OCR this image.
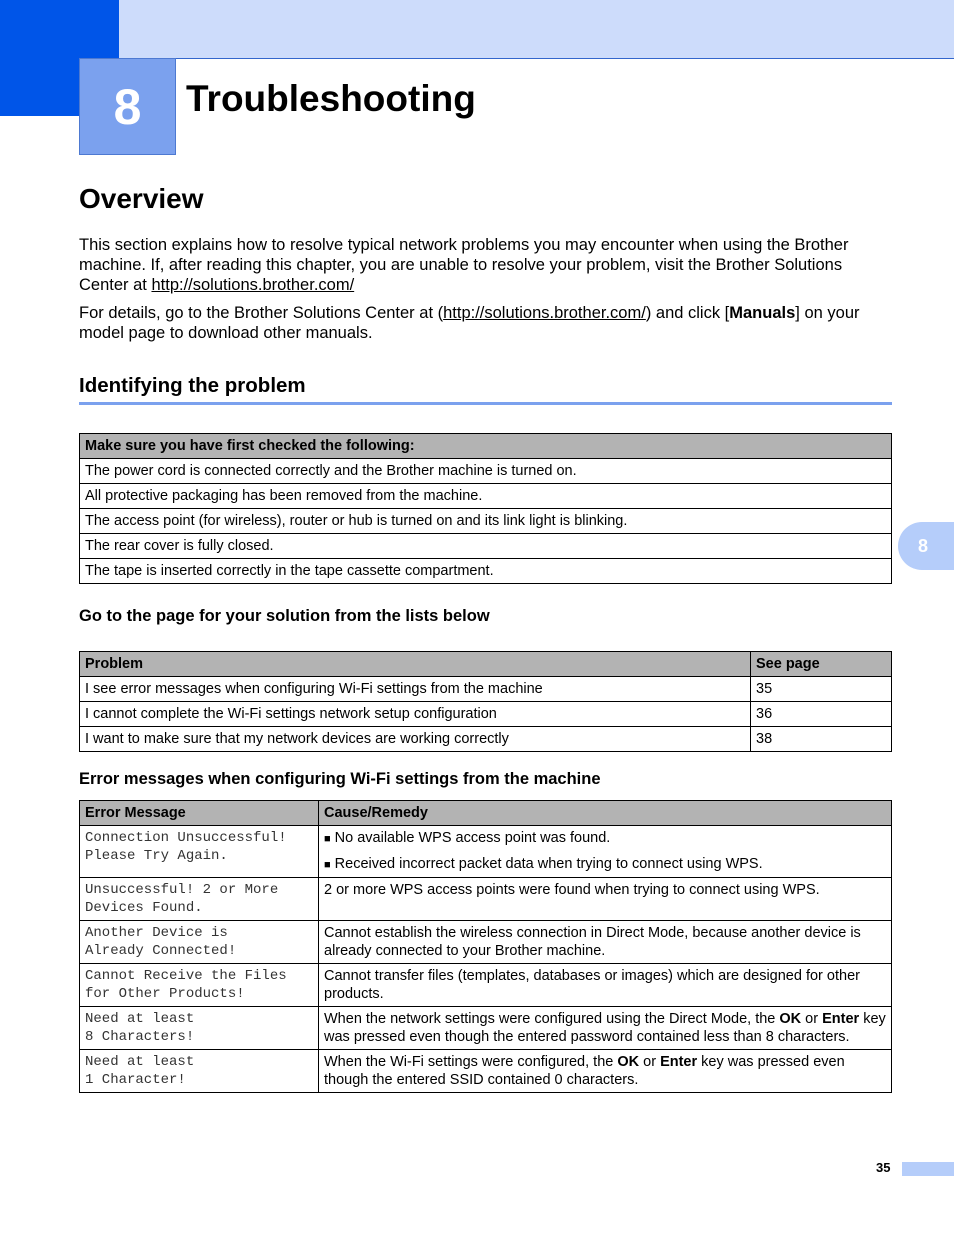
8 Troubleshooting
Overview

This section explains how to resolve typical network problems you may encounter when using the Brother machine. If, after reading this chapter, you are unable to resolve your problem, visit the Brother Solutions Center at http://solutions.brother.com/

For details, go to the Brother Solutions Center at (http://solutions.brother.com/) and click [Manuals] on your model page to download other manuals.

Identifying the problem
Make sure you have first checked the following:
The power cord is connected correctly and the Brother machine is turned on.
All protective packaging has been removed from the machine.
The access point (for wireless), router or hub is turned on and its link light is blinking.
The rear cover is fully closed.
The tape is inserted correctly in the tape cassette compartment.
8
Go to the page for your solution from the lists below
Problem	See page
I see error messages when configuring Wi-Fi settings from the machine	35
I cannot complete the Wi-Fi settings network setup configuration	36
I want to make sure that my network devices are working correctly	38
Error messages when configuring Wi-Fi settings from the machine
Error Message	Cause/Remedy
Connection Unsuccessful!
Please Try Again.	■ No available WPS access point was found.
■ Received incorrect packet data when trying to connect using WPS.

Unsuccessful! 2 or More
Devices Found.	2 or more WPS access points were found when trying to connect using WPS.
Another Device is
Already Connected!	Cannot establish the wireless connection in Direct Mode, because another device is already connected to your Brother machine.
Cannot Receive the Files
for Other Products!	Cannot transfer files (templates, databases or images) which are designed for other products.
Need at least
8 Characters!	When the network settings were configured using the Direct Mode, the OK or Enter key was pressed even though the entered password contained less than 8 characters.
Need at least
1 Character!	When the Wi-Fi settings were configured, the OK or Enter key was pressed even though the entered SSID contained 0 characters.
35
